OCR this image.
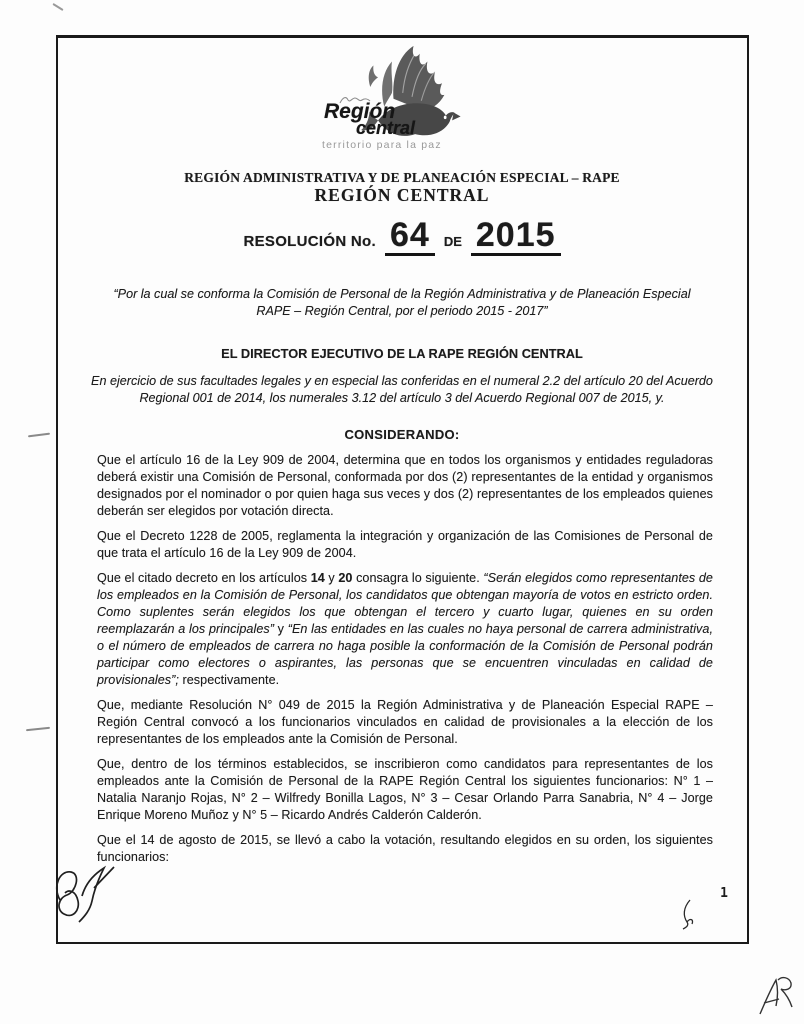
Región
central
territorio para la paz
REGIÓN ADMINISTRATIVA Y DE PLANEACIÓN ESPECIAL – RAPE
REGIÓN CENTRAL
RESOLUCIÓN No. 64	DE 2015
“Por la cual se conforma la Comisión de Personal de la Región Administrativa y de Planeación Especial RAPE – Región Central, por el periodo 2015 - 2017”
EL DIRECTOR EJECUTIVO DE LA RAPE REGIÓN CENTRAL
En ejercicio de sus facultades legales y en especial las conferidas en el numeral 2.2 del artículo 20 del Acuerdo Regional 001 de 2014, los numerales 3.12 del artículo 3 del Acuerdo Regional 007 de 2015, y.
CONSIDERANDO:

Que el artículo 16 de la Ley 909 de 2004, determina que en todos los organismos y entidades reguladoras deberá existir una Comisión de Personal, conformada por dos (2) representantes de la entidad y organismos designados por el nominador o por quien haga sus veces y dos (2) representantes de los empleados quienes deberán ser elegidos por votación directa.

Que el Decreto 1228 de 2005, reglamenta la integración y organización de las Comisiones de Personal de que trata el artículo 16 de la Ley 909 de 2004.

Que el citado decreto en los artículos 14 y 20 consagra lo siguiente. “Serán elegidos como representantes de los empleados en la Comisión de Personal, los candidatos que obtengan mayoría de votos en estricto orden. Como suplentes serán elegidos los que obtengan el tercero y cuarto lugar, quienes en su orden reemplazarán a los principales” y “En las entidades en las cuales no haya personal de carrera administrativa, o el número de empleados de carrera no haga posible la conformación de la Comisión de Personal podrán participar como electores o aspirantes, las personas que se encuentren vinculadas en calidad de provisionales”; respectivamente.

Que, mediante Resolución N° 049 de 2015 la Región Administrativa y de Planeación Especial RAPE – Región Central convocó a los funcionarios vinculados en calidad de provisionales a la elección de los representantes de los empleados ante la Comisión de Personal.

Que, dentro de los términos establecidos, se inscribieron como candidatos para representantes de los empleados ante la Comisión de Personal de la RAPE Región Central los siguientes funcionarios: N° 1 – Natalia Naranjo Rojas, N° 2 – Wilfredy Bonilla Lagos, N° 3 – Cesar Orlando Parra Sanabria, N° 4 – Jorge Enrique Moreno Muñoz y N° 5 – Ricardo Andrés Calderón Calderón.

Que el 14 de agosto de 2015, se llevó a cabo la votación, resultando elegidos en su orden, los siguientes funcionarios:

1
